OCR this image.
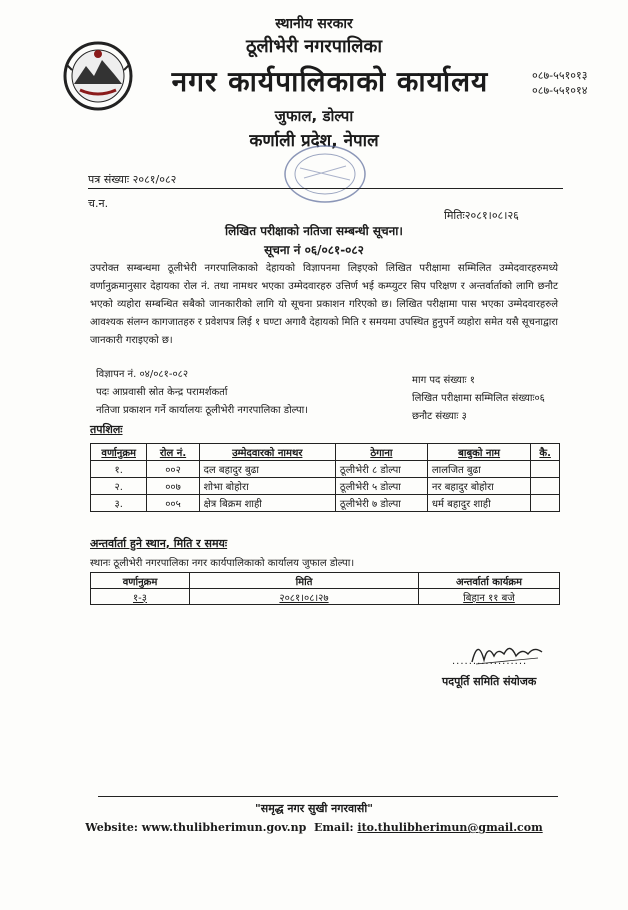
स्थानीय सरकार
ठूलीभेरी नगरपालिका
नगर कार्यपालिकाको कार्यालय	०८७-५५१०१३
०८७-५५१०१४
जुफाल, डोल्पा
कर्णाली प्रदेश, नेपाल
पत्र संख्याः २०८१/०८२
च.न.
मितिः२०८१।०८।२६
लिखित परीक्षाको नतिजा सम्बन्धी सूचना।
सूचना नं ०६/०८१-०८२
उपरोक्त सम्बन्धमा ठूलीभेरी नगरपालिकाको देहायको विज्ञापनमा लिइएको लिखित परीक्षामा सम्मिलित उम्मेदवारहरुमध्ये वर्णानुक्रमानुसार देहायका रोल नं. तथा नामथर भएका उम्मेदवारहरु उत्तिर्ण भई कम्प्युटर सिप परिक्षण र अन्तर्वार्ताको लागि छनौट भएको व्यहोरा सम्बन्धित सबैको जानकारीको लागि यो सूचना प्रकाशन गरिएको छ। लिखित परीक्षामा पास भएका उम्मेदवारहरुले आवश्यक संलग्न कागजातहरु र प्रवेशपत्र लिई १ घण्टा अगावै देहायको मिति र समयमा उपस्थित हुनुपर्ने व्यहोरा समेत यसै सूचनाद्वारा जानकारी गराइएको छ।
विज्ञापन नं. ०४/०८१-०८२
पदः आप्रवासी स्रोत केन्द्र परामर्शकर्ता
नतिजा प्रकाशन गर्ने कार्यालयः ठूलीभेरी नगरपालिका डोल्पा।
माग पद संख्याः १
लिखित परीक्षामा सम्मिलित संख्याः०६
छनौट संख्याः ३
तपशिलः
वर्णानुक्रम	रोल नं.	उम्मेदवारको नामथर	ठेगाना	बाबुको नाम	कै.
१.	००२	दल बहादुर बुढा	ठूलीभेरी ८ डोल्पा	लालजित बुढा	
२.	००७	शोभा बोहोरा	ठूलीभेरी ५ डोल्पा	नर बहादुर बोहोरा	
३.	००५	क्षेत्र बिक्रम शाही	ठूलीभेरी ७ डोल्पा	धर्म बहादुर शाही	
अन्तर्वार्ता हुने स्थान, मिति र समयः
स्थानः ठूलीभेरी नगरपालिका नगर कार्यपालिकाको कार्यालय जुफाल डोल्पा।
वर्णानुक्रम	मिति	अन्तर्वार्ता कार्यक्रम
१-३	२०८१।०८।२७	बिहान ११ बजे
..................
पदपूर्ति समिति संयोजक
"समृद्ध नगर सुखी नगरवासी"
Website: www.thulibherimun.gov.np Email: ito.thulibherimun@gmail.com
